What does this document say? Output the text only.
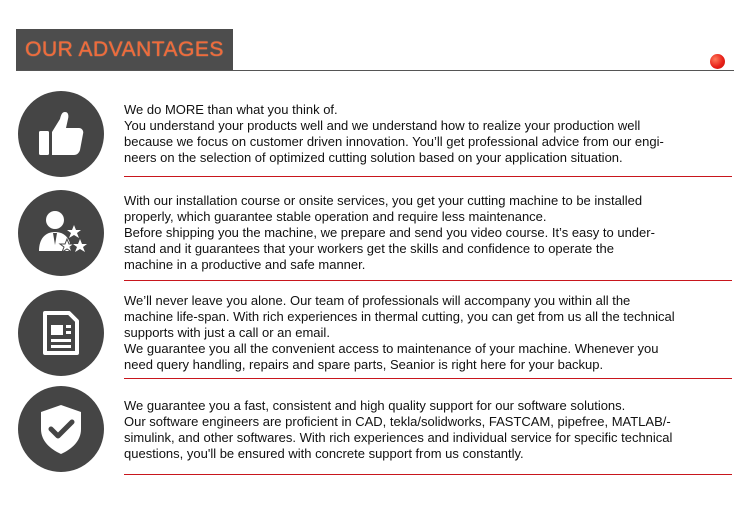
OUR ADVANTAGES
We do MORE than what you think of.
You understand your products well and we understand how to realize your production well
because we focus on customer driven innovation. You’ll get professional advice from our engi-
neers on the selection of optimized cutting solution based on your application situation.
With our installation course or onsite services, you get your cutting machine to be installed
properly, which guarantee stable operation and require less maintenance.
Before shipping you the machine, we prepare and send you video course. It’s easy to under-
stand and it guarantees that your workers get the skills and confidence to operate the
machine in a productive and safe manner.
We’ll never leave you alone. Our team of professionals will accompany you within all the
machine life-span. With rich experiences in thermal cutting, you can get from us all the technical
supports with just a call or an email.
We guarantee you all the convenient access to maintenance of your machine. Whenever you
need query handling, repairs and spare parts, Seanior is right here for your backup.
We guarantee you a fast, consistent and high quality support for our software solutions.
Our software engineers are proficient in CAD, tekla/solidworks, FASTCAM, pipefree, MATLAB/-
simulink, and other softwares. With rich experiences and individual service for specific technical
questions, you'll be ensured with concrete support from us constantly.
